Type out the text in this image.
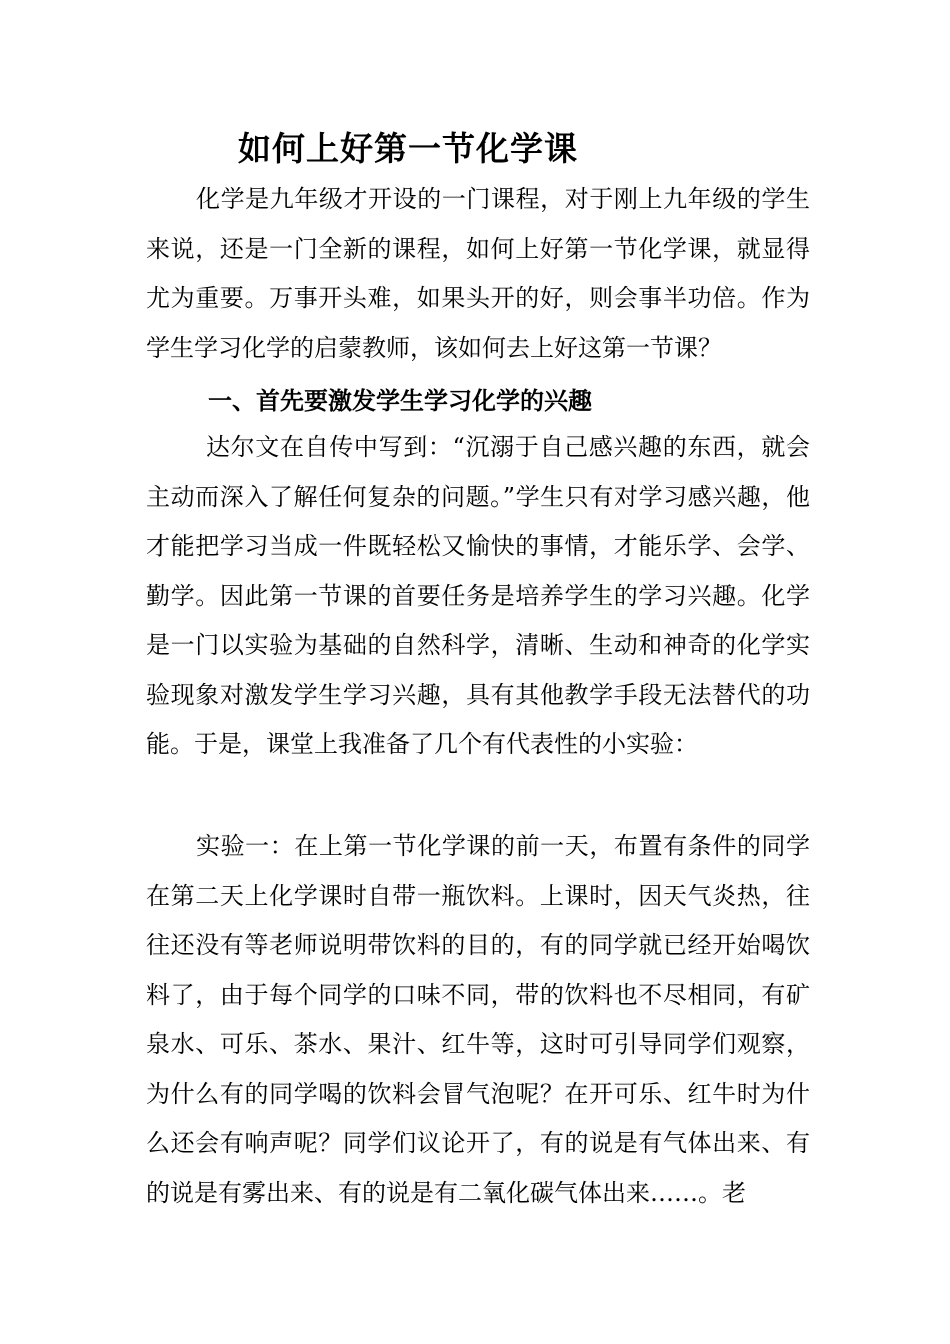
如何上好第一节化学课

化学是九年级才开设的一门课程，对于刚上九年级的学生来说，还是一门全新的课程，如何上好第一节化学课，就显得尤为重要。万事开头难，如果头开的好，则会事半功倍。作为学生学习化学的启蒙教师，该如何去上好这第一节课？

一、首先要激发学生学习化学的兴趣

达尔文在自传中写到：“沉溺于自己感兴趣的东西，就会主动而深入了解任何复杂的问题。”学生只有对学习感兴趣，他才能把学习当成一件既轻松又愉快的事情，才能乐学、会学、勤学。因此第一节课的首要任务是培养学生的学习兴趣。化学是一门以实验为基础的自然科学，清晰、生动和神奇的化学实验现象对激发学生学习兴趣，具有其他教学手段无法替代的功能。于是，课堂上我准备了几个有代表性的小实验：

实验一：在上第一节化学课的前一天，布置有条件的同学在第二天上化学课时自带一瓶饮料。上课时，因天气炎热，往往还没有等老师说明带饮料的目的，有的同学就已经开始喝饮料了，由于每个同学的口味不同，带的饮料也不尽相同，有矿泉水、可乐、茶水、果汁、红牛等，这时可引导同学们观察，为什么有的同学喝的饮料会冒气泡呢？在开可乐、红牛时为什么还会有响声呢？同学们议论开了，有的说是有气体出来、有的说是有雾出来、有的说是有二氧化碳气体出来……。老
